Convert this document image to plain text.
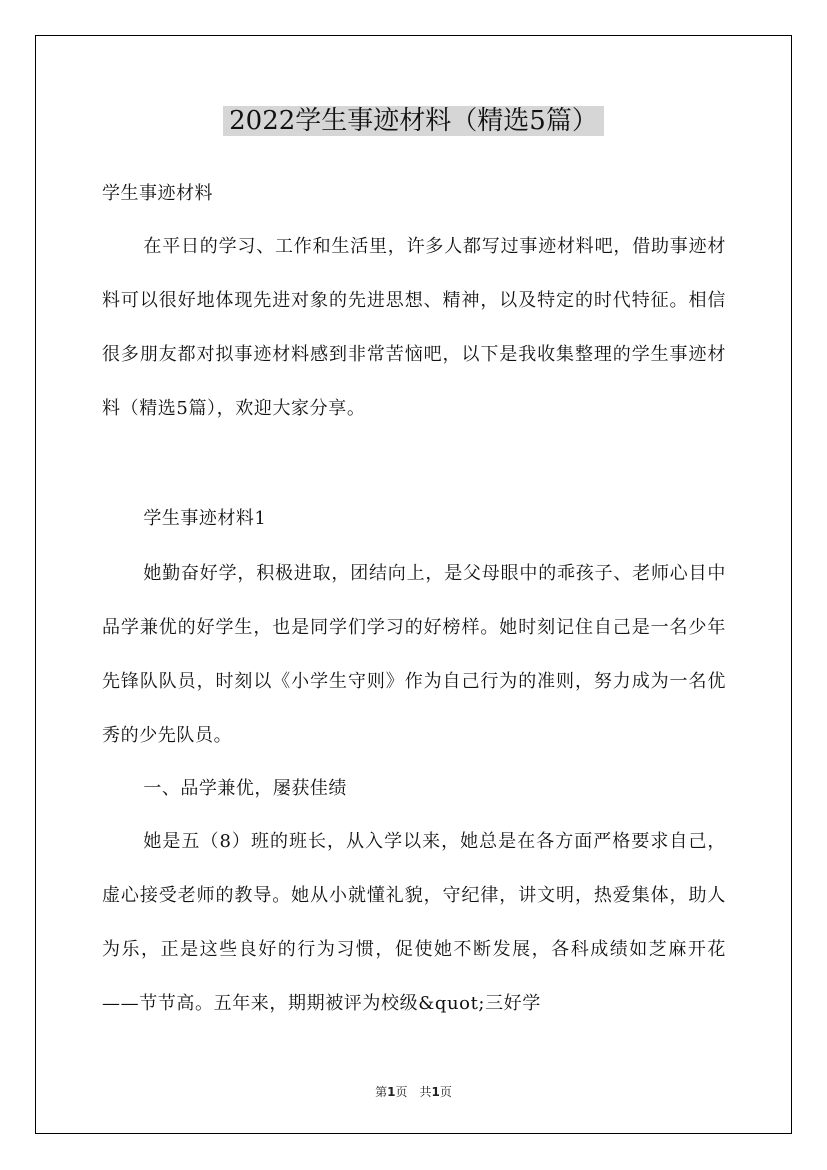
2022学生事迹材料（精选5篇）

学生事迹材料

在平日的学习、工作和生活里，许多人都写过事迹材料吧，借助事迹材料可以很好地体现先进对象的先进思想、精神，以及特定的时代特征。相信很多朋友都对拟事迹材料感到非常苦恼吧，以下是我收集整理的学生事迹材料（精选5篇），欢迎大家分享。

学生事迹材料1

她勤奋好学，积极进取，团结向上，是父母眼中的乖孩子、老师心目中品学兼优的好学生，也是同学们学习的好榜样。她时刻记住自己是一名少年先锋队队员，时刻以《小学生守则》作为自己行为的准则，努力成为一名优秀的少先队员。

一、品学兼优，屡获佳绩

她是五（8）班的班长，从入学以来，她总是在各方面严格要求自己，虚心接受老师的教导。她从小就懂礼貌，守纪律，讲文明，热爱集体，助人为乐，正是这些良好的行为习惯，促使她不断发展，各科成绩如芝麻开花——节节高。五年来，期期被评为校级&quot;三好学

第1页 共1页
